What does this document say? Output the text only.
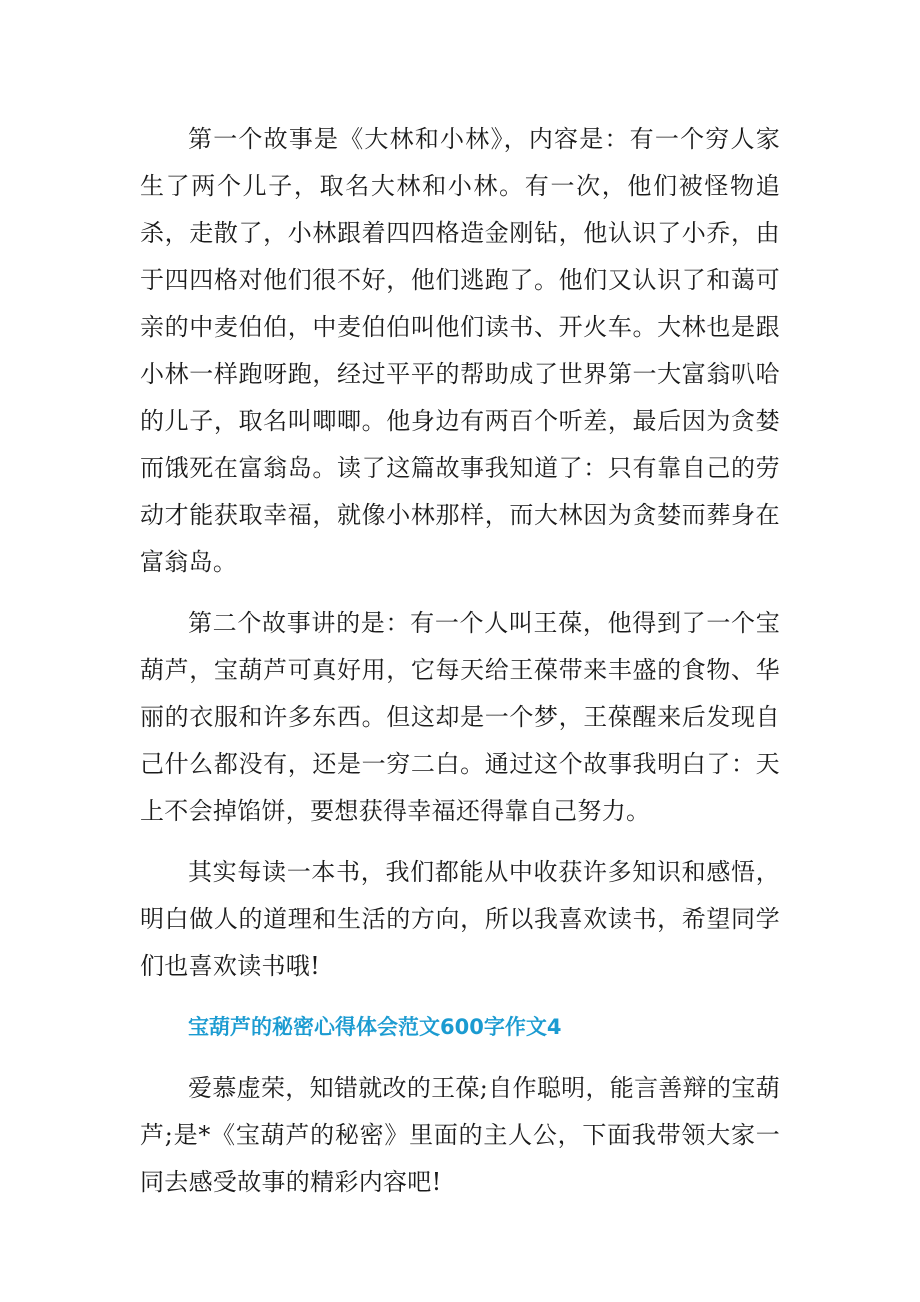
第一个故事是《大林和小林》，内容是：有一个穷人家生了两个儿子，取名大林和小林。有一次，他们被怪物追杀，走散了，小林跟着四四格造金刚钻，他认识了小乔，由于四四格对他们很不好，他们逃跑了。他们又认识了和蔼可亲的中麦伯伯，中麦伯伯叫他们读书、开火车。大林也是跟小林一样跑呀跑，经过平平的帮助成了世界第一大富翁叭哈的儿子，取名叫唧唧。他身边有两百个听差，最后因为贪婪而饿死在富翁岛。读了这篇故事我知道了：只有靠自己的劳动才能获取幸福，就像小林那样，而大林因为贪婪而葬身在富翁岛。

第二个故事讲的是：有一个人叫王葆，他得到了一个宝葫芦，宝葫芦可真好用，它每天给王葆带来丰盛的食物、华丽的衣服和许多东西。但这却是一个梦，王葆醒来后发现自己什么都没有，还是一穷二白。通过这个故事我明白了：天上不会掉馅饼，要想获得幸福还得靠自己努力。

其实每读一本书，我们都能从中收获许多知识和感悟，明白做人的道理和生活的方向，所以我喜欢读书，希望同学们也喜欢读书哦!

宝葫芦的秘密心得体会范文600字作文4

爱慕虚荣，知错就改的王葆;自作聪明，能言善辩的宝葫芦;是*《宝葫芦的秘密》里面的主人公，下面我带领大家一同去感受故事的精彩内容吧!
